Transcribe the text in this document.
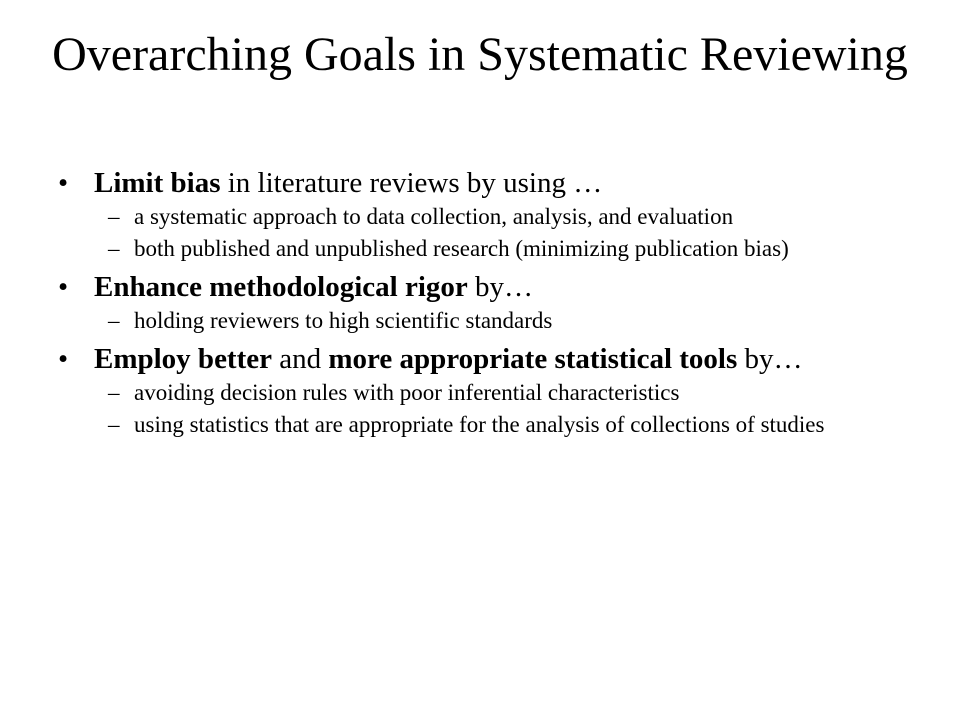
Overarching Goals in Systematic Reviewing
• Limit bias in literature reviews by using …
– a systematic approach to data collection, analysis, and evaluation
– both published and unpublished research (minimizing publication bias)
• Enhance methodological rigor by…
– holding reviewers to high scientific standards
• Employ better and more appropriate statistical tools by…
– avoiding decision rules with poor inferential characteristics
– using statistics that are appropriate for the analysis of collections of studies
